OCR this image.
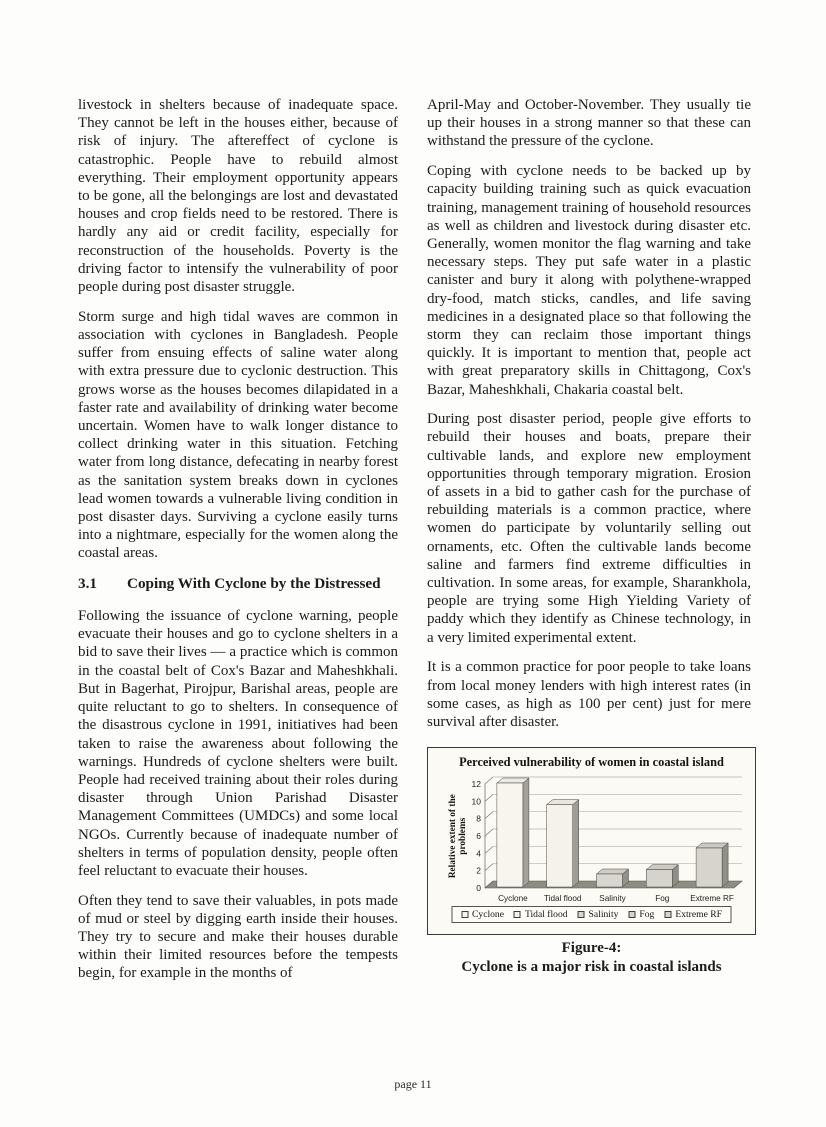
livestock in shelters because of inadequate space. They cannot be left in the houses either, because of risk of injury. The aftereffect of cyclone is catastrophic. People have to rebuild almost everything. Their employment opportunity appears to be gone, all the belongings are lost and devastated houses and crop fields need to be restored. There is hardly any aid or credit facility, especially for reconstruction of the households. Poverty is the driving factor to intensify the vulnerability of poor people during post disaster struggle.

Storm surge and high tidal waves are common in association with cyclones in Bangladesh. People suffer from ensuing effects of saline water along with extra pressure due to cyclonic destruction. This grows worse as the houses becomes dilapidated in a faster rate and availability of drinking water become uncertain. Women have to walk longer distance to collect drinking water in this situation. Fetching water from long distance, defecating in nearby forest as the sanitation system breaks down in cyclones lead women towards a vulnerable living condition in post disaster days. Surviving a cyclone easily turns into a nightmare, especially for the women along the coastal areas.

3.1 Coping With Cyclone by the Distressed

Following the issuance of cyclone warning, people evacuate their houses and go to cyclone shelters in a bid to save their lives — a practice which is common in the coastal belt of Cox's Bazar and Maheshkhali. But in Bagerhat, Pirojpur, Barishal areas, people are quite reluctant to go to shelters. In consequence of the disastrous cyclone in 1991, initiatives had been taken to raise the awareness about following the warnings. Hundreds of cyclone shelters were built. People had received training about their roles during disaster through Union Parishad Disaster Management Committees (UMDCs) and some local NGOs. Currently because of inadequate number of shelters in terms of population density, people often feel reluctant to evacuate their houses.

Often they tend to save their valuables, in pots made of mud or steel by digging earth inside their houses. They try to secure and make their houses durable within their limited resources before the tempests begin, for example in the months of

April-May and October-November. They usually tie up their houses in a strong manner so that these can withstand the pressure of the cyclone.

Coping with cyclone needs to be backed up by capacity building training such as quick evacuation training, management training of household resources as well as children and livestock during disaster etc. Generally, women monitor the flag warning and take necessary steps. They put safe water in a plastic canister and bury it along with polythene-wrapped dry-food, match sticks, candles, and life saving medicines in a designated place so that following the storm they can reclaim those important things quickly. It is important to mention that, people act with great preparatory skills in Chittagong, Cox's Bazar, Maheshkhali, Chakaria coastal belt.

During post disaster period, people give efforts to rebuild their houses and boats, prepare their cultivable lands, and explore new employment opportunities through temporary migration. Erosion of assets in a bid to gather cash for the purchase of rebuilding materials is a common practice, where women do participate by voluntarily selling out ornaments, etc. Often the cultivable lands become saline and farmers find extreme difficulties in cultivation. In some areas, for example, Sharankhola, people are trying some High Yielding Variety of paddy which they identify as Chinese technology, in a very limited experimental extent.

It is a common practice for poor people to take loans from local money lenders with high interest rates (in some cases, as high as 100 per cent) just for mere survival after disaster.

Perceived vulnerability of women in coastal island
Relative extent of the problems
0
2
4
6
8
10
12
Cyclone Tidal flood Salinity	Fog	Extreme RF
Cyclone Tidal flood Salinity Fog Extreme RF
Figure-4:
Cyclone is a major risk in coastal islands
page 11
